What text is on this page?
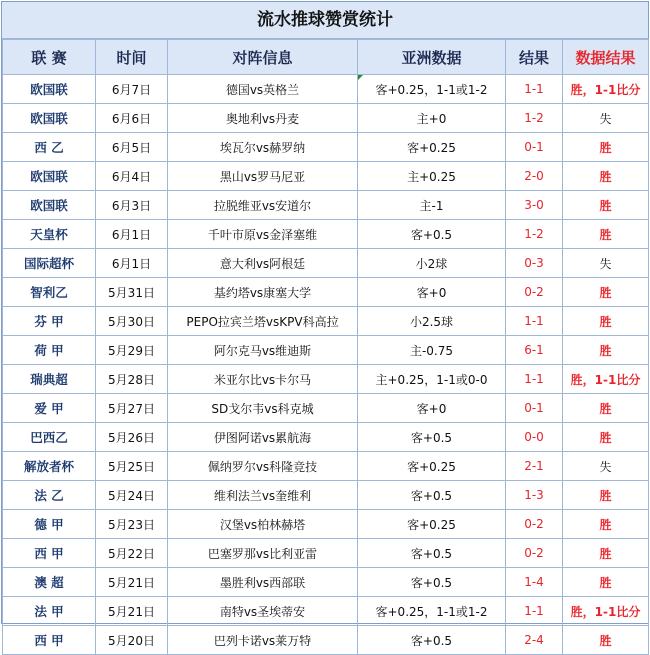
流水推球赞赏统计
联 赛	时间	对阵信息	亚洲数据	结果	数据结果
欧国联	6月7日	德国vs英格兰	客+0.25，1-1或1-2	1-1	胜，1-1比分
欧国联	6月6日	奥地利vs丹麦	主+0	1-2	失
西 乙	6月5日	埃瓦尔vs赫罗纳	客+0.25	0-1	胜
欧国联	6月4日	黑山vs罗马尼亚	主+0.25	2-0	胜
欧国联	6月3日	拉脱维亚vs安道尔	主-1	3-0	胜
天皇杯	6月1日	千叶市原vs金泽塞维	客+0.5	1-2	胜
国际超杯	6月1日	意大利vs阿根廷	小2球	0-3	失
智利乙	5月31日	基约塔vs康塞大学	客+0	0-2	胜
芬 甲	5月30日	PEPO拉宾兰塔vsKPV科高拉	小2.5球	1-1	胜
荷 甲	5月29日	阿尔克马vs维迪斯	主-0.75	6-1	胜
瑞典超	5月28日	米亚尔比vs卡尔马	主+0.25，1-1或0-0	1-1	胜，1-1比分
爱 甲	5月27日	SD戈尔韦vs科克城	客+0	0-1	胜
巴西乙	5月26日	伊图阿诺vs累航海	客+0.5	0-0	胜
解放者杯	5月25日	佩纳罗尔vs科隆竞技	客+0.25	2-1	失
法 乙	5月24日	维利法兰vs奎维利	客+0.5	1-3	胜
德 甲	5月23日	汉堡vs柏林赫塔	客+0.25	0-2	胜
西 甲	5月22日	巴塞罗那vs比利亚雷	客+0.5	0-2	胜
澳 超	5月21日	墨胜利vs西部联	客+0.5	1-4	胜
法 甲	5月21日	南特vs圣埃蒂安	客+0.25，1-1或1-2	1-1	胜，1-1比分
西 甲	5月20日	巴列卡诺vs莱万特	客+0.5	2-4	胜
